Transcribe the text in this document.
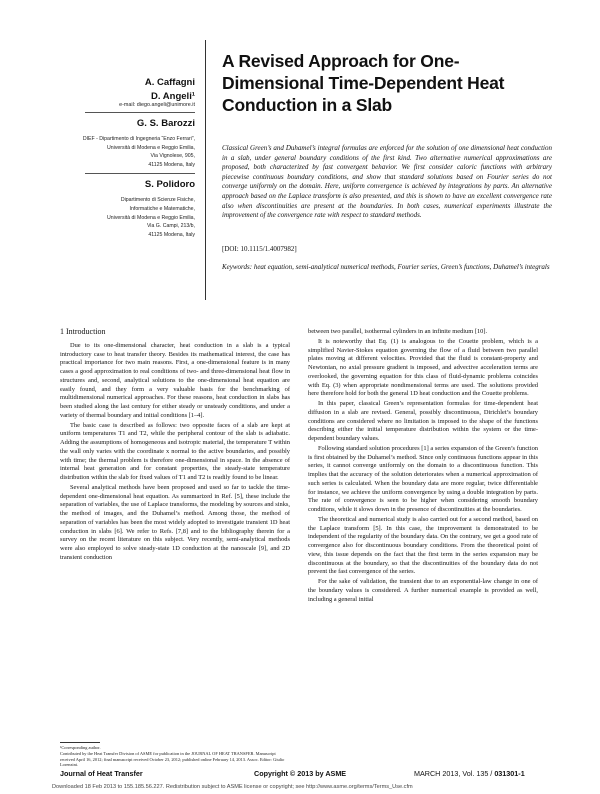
A. Caffagni
D. Angeli¹
e-mail: diego.angeli@unimore.it
G. S. Barozzi
DIEF - Dipartimento di Ingegneria “Enzo Ferrari”,
Università di Modena e Reggio Emilia,
Via Vignolese, 905,
41125 Modena, Italy
S. Polidoro
Dipartimento di Scienze Fisiche,
Informatiche e Matematiche,
Università di Modena e Reggio Emilia,
Via G. Campi, 213/b,
41125 Modena, Italy
A Revised Approach for One-Dimensional Time-Dependent Heat Conduction in a Slab
Classical Green’s and Duhamel’s integral formulas are enforced for the solution of one dimensional heat conduction in a slab, under general boundary conditions of the first kind. Two alternative numerical approximations are proposed, both characterized by fast convergent behavior. We first consider caloric functions with arbitrary piecewise continuous boundary conditions, and show that standard solutions based on Fourier series do not converge uniformly on the domain. Here, uniform convergence is achieved by integrations by parts. An alternative approach based on the Laplace transform is also presented, and this is shown to have an excellent convergence rate also when discontinuities are present at the boundaries. In both cases, numerical experiments illustrate the improvement of the convergence rate with respect to standard methods.
[DOI: 10.1115/1.4007982]
Keywords: heat equation, semi-analytical numerical methods, Fourier series, Green’s functions, Duhamel’s integrals
1 Introduction

Due to its one-dimensional character, heat conduction in a slab is a typical introductory case to heat transfer theory. Besides its mathematical interest, the case has practical importance for two main reasons. First, a one-dimensional feature is in many cases a good approximation to real conditions of two- and three-dimensional heat flow in structures and, second, analytical solutions to the one-dimensional heat equation are easily found, and they form a very valuable basis for the benchmarking of multidimensional numerical approaches. For these reasons, heat conduction in slabs has been studied along the last century for either steady or unsteady conditions, and under a variety of thermal boundary and initial conditions [1–4].

The basic case is described as follows: two opposite faces of a slab are kept at uniform temperatures T1 and T2, while the peripheral contour of the slab is adiabatic. Adding the assumptions of homogeneous and isotropic material, the temperature T within the wall only varies with the coordinate x normal to the active boundaries, and possibly with time; the thermal problem is therefore one-dimensional in space. In the absence of internal heat generation and for constant properties, the steady-state temperature distribution within the slab for fixed values of T1 and T2 is readily found to be linear.

Several analytical methods have been proposed and used so far to tackle the time-dependent one-dimensional heat equation. As summarized in Ref. [5], these include the separation of variables, the use of Laplace transforms, the modeling by sources and sinks, the method of images, and the Duhamel’s method. Among those, the method of separation of variables has been the most widely adopted to investigate transient 1D heat conduction in slabs [6]. We refer to Refs. [7,8] and to the bibliography therein for a survey on the recent literature on this subject. Very recently, semi-analytical methods were also employed to solve steady-state 1D conduction at the nanoscale [9], and 2D transient conduction

between two parallel, isothermal cylinders in an infinite medium [10].

It is noteworthy that Eq. (1) is analogous to the Couette problem, which is a simplified Navier-Stokes equation governing the flow of a fluid between two parallel plates moving at different velocities. Provided that the fluid is constant-property and Newtonian, no axial pressure gradient is imposed, and advective acceleration terms are overlooked, the governing equation for this class of fluid-dynamic problems coincides with Eq. (3) when appropriate nondimensional terms are used. The solutions provided here therefore hold for both the general 1D heat conduction and the Couette problems.

In this paper, classical Green’s representation formulas for time-dependent heat diffusion in a slab are revised. General, possibly discontinuous, Dirichlet’s boundary conditions are considered where no limitation is imposed to the shape of the functions describing either the initial temperature distribution within the system or the time-dependent boundary values.

Following standard solution procedures [1] a series expansion of the Green’s function is first obtained by the Duhamel’s method. Since only continuous functions appear in this series, it cannot converge uniformly on the domain to a discontinuous function. This implies that the accuracy of the solution deteriorates when a numerical approximation of such series is calculated. When the boundary data are more regular, twice differentiable for instance, we achieve the uniform convergence by using a double integration by parts. The rate of convergence is seen to be higher when considering smooth boundary conditions, while it slows down in the presence of discontinuities at the boundaries.

The theoretical and numerical study is also carried out for a second method, based on the Laplace transform [5]. In this case, the improvement is demonstrated to be independent of the regularity of the boundary data. On the contrary, we get a good rate of convergence also for discontinuous boundary conditions. From the theoretical point of view, this issue depends on the fact that the first term in the series expansion may be discontinuous at the boundary, so that the discontinuities of the boundary data do not prevent the fast convergence of the series.

For the sake of validation, the transient due to an exponential-law change in one of the boundary values is considered. A further numerical example is provided as well, including a general initial

¹Corresponding author.
Contributed by the Heat Transfer Division of ASME for publication in the JOURNAL OF HEAT TRANSFER. Manuscript received April 16, 2012; final manuscript received October 23, 2012; published online February 14, 2013. Assoc. Editor: Giulio Lorenzini.
Journal of Heat Transfer	Copyright © 2013 by ASME	MARCH 2013, Vol. 135 / 031301-1
Downloaded 18 Feb 2013 to 155.185.56.227. Redistribution subject to ASME license or copyright; see http://www.asme.org/terms/Terms_Use.cfm
